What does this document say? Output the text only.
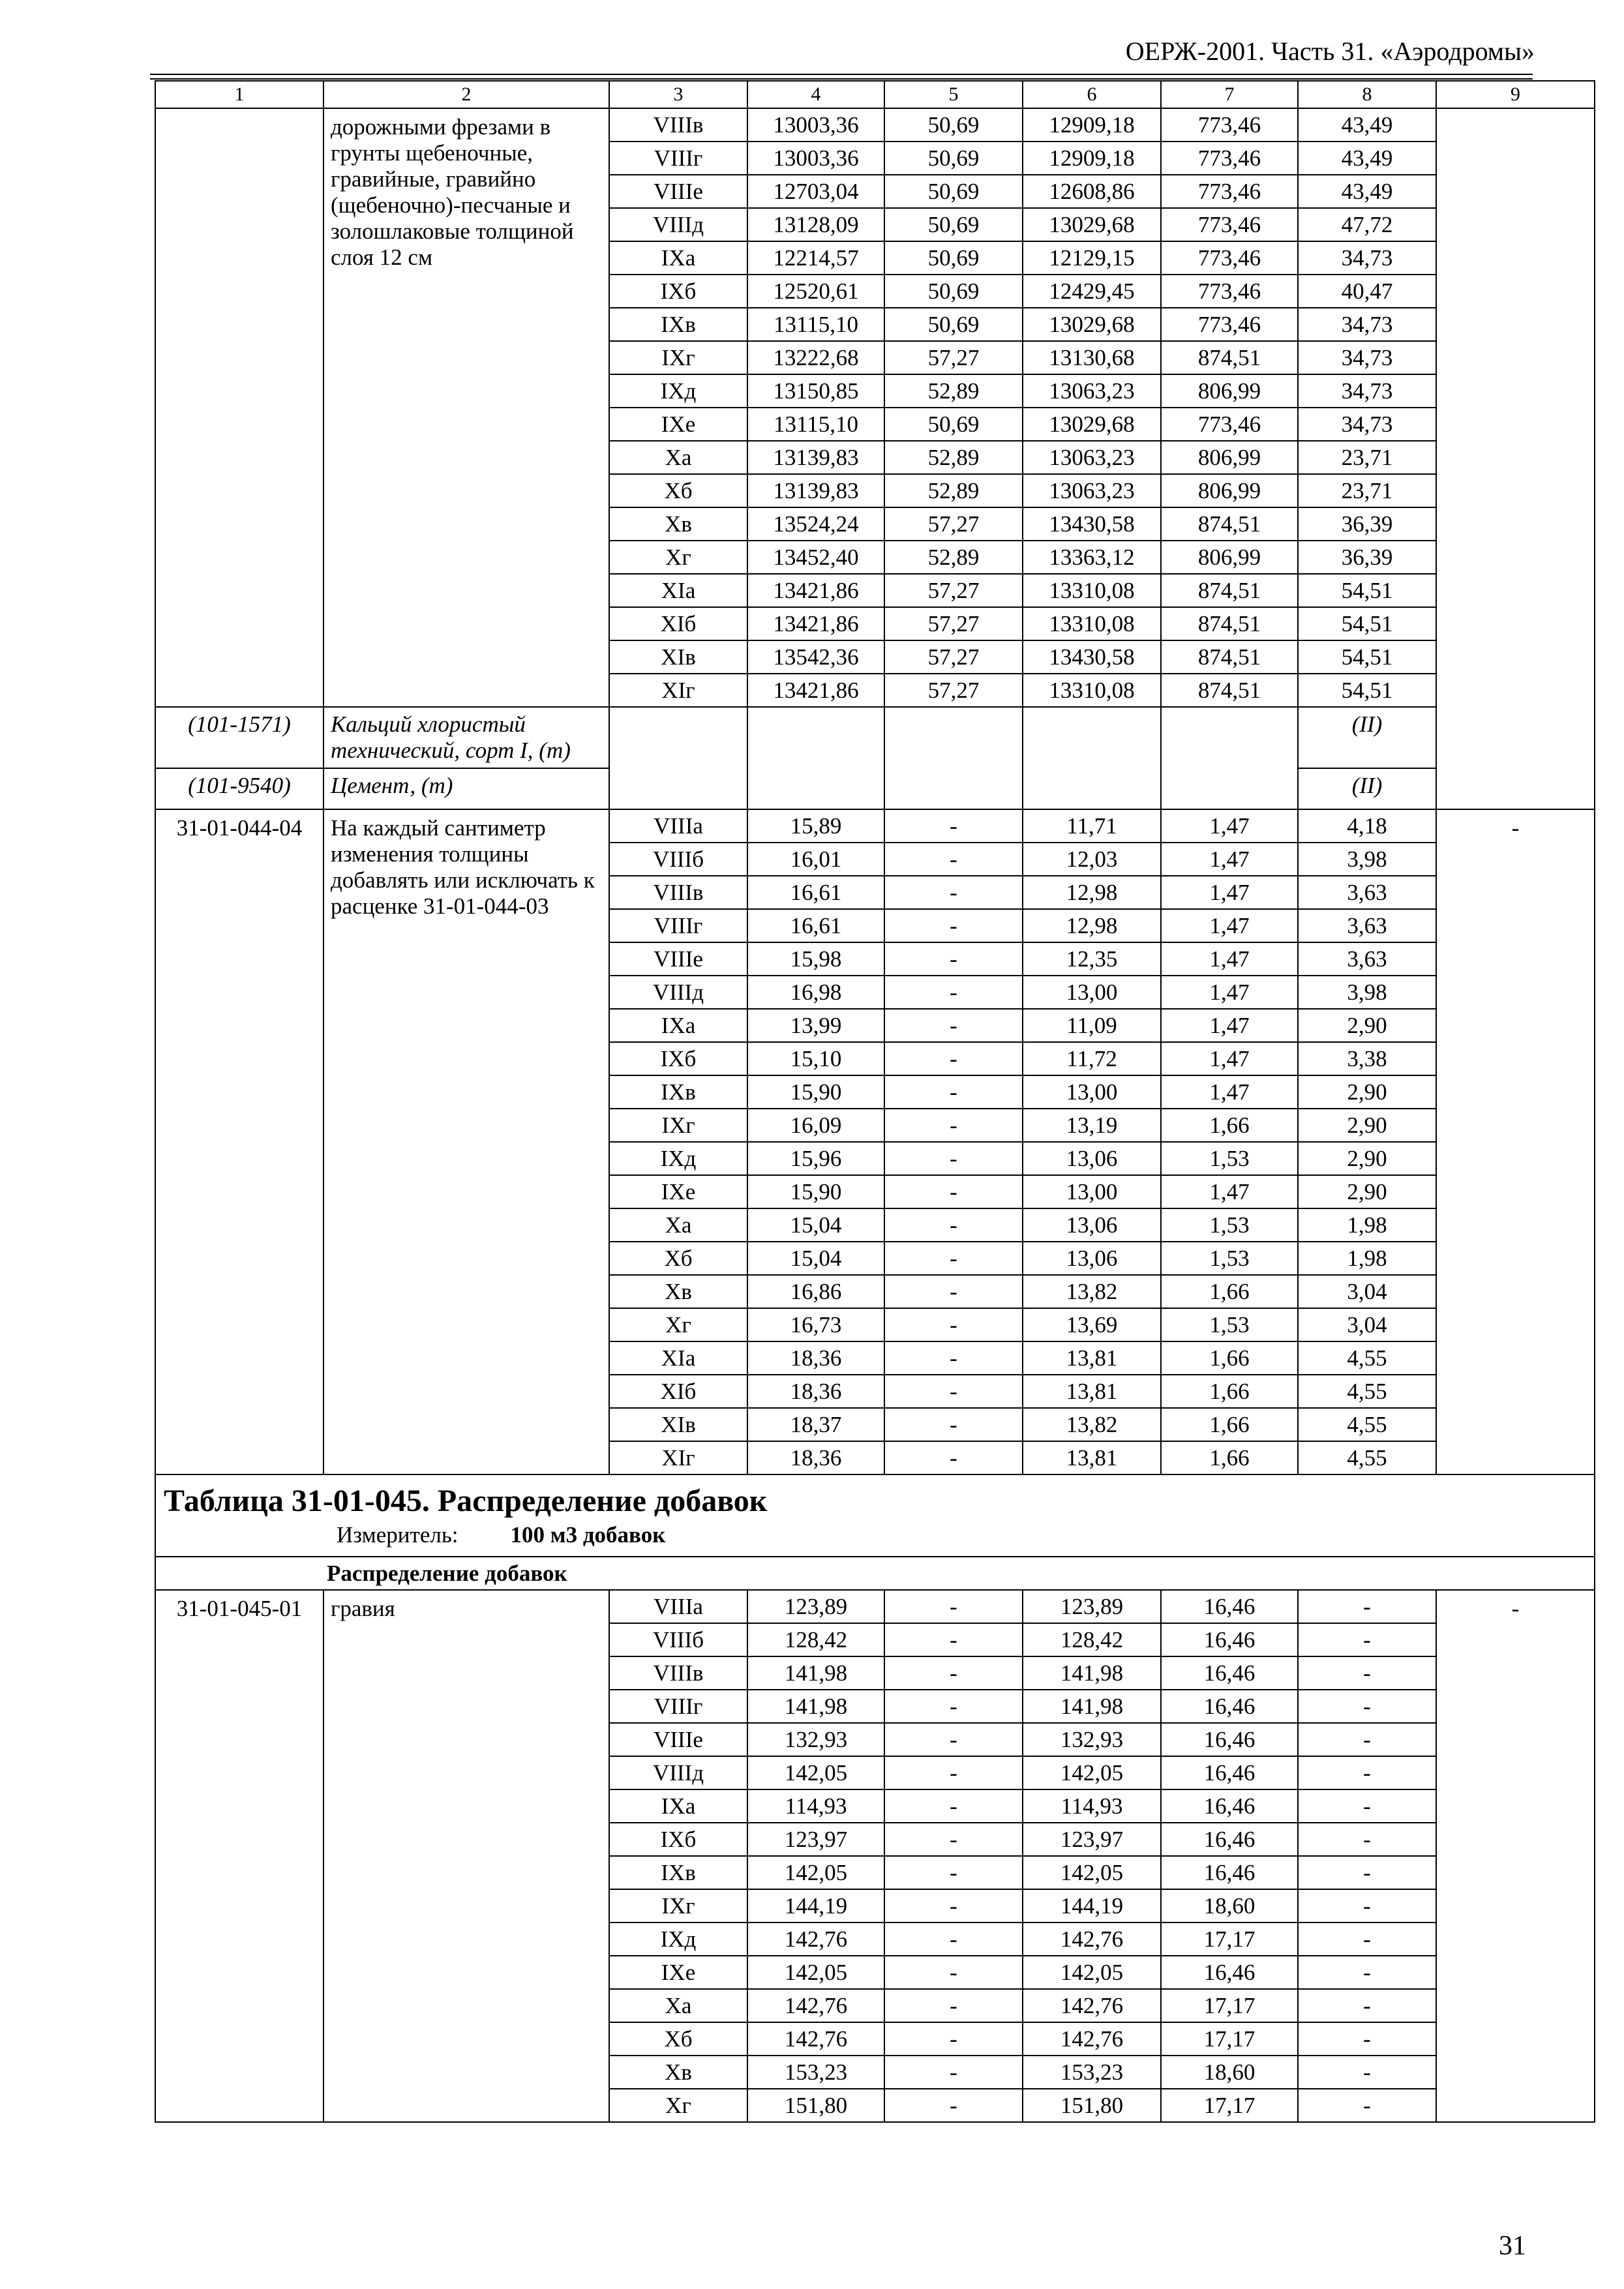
ОЕРЖ-2001. Часть 31. «Аэродромы»
1	2	3	4	5	6	7	8	9
	дорожными фрезами в грунты щебеночные, гравийные, гравийно (щебеночно)-песчаные и золошлаковые толщиной слоя 12 см	VIIIв	13003,36	50,69	12909,18	773,46	43,49	
		VIIIг	13003,36	50,69	12909,18	773,46	43,49	
		VIIIе	12703,04	50,69	12608,86	773,46	43,49	
		VIIIд	13128,09	50,69	13029,68	773,46	47,72	
		IXа	12214,57	50,69	12129,15	773,46	34,73	
		IXб	12520,61	50,69	12429,45	773,46	40,47	
		IXв	13115,10	50,69	13029,68	773,46	34,73	
		IXг	13222,68	57,27	13130,68	874,51	34,73	
		IXд	13150,85	52,89	13063,23	806,99	34,73	
		IXе	13115,10	50,69	13029,68	773,46	34,73	
		Xа	13139,83	52,89	13063,23	806,99	23,71	
		Xб	13139,83	52,89	13063,23	806,99	23,71	
		Xв	13524,24	57,27	13430,58	874,51	36,39	
		Xг	13452,40	52,89	13363,12	806,99	36,39	
		XIа	13421,86	57,27	13310,08	874,51	54,51	
		XIб	13421,86	57,27	13310,08	874,51	54,51	
		XIв	13542,36	57,27	13430,58	874,51	54,51	
		XIг	13421,86	57,27	13310,08	874,51	54,51	
(101-1571)	Кальций хлористый технический, сорт I, (т)						(II)	
(101-9540)	Цемент, (т)						(II)	
31-01-044-04	На каждый сантиметр изменения толщины добавлять или исключать к расценке 31-01-044-03	VIIIа	15,89	-	11,71	1,47	4,18	-
		VIIIб	16,01	-	12,03	1,47	3,98	
		VIIIв	16,61	-	12,98	1,47	3,63	
		VIIIг	16,61	-	12,98	1,47	3,63	
		VIIIе	15,98	-	12,35	1,47	3,63	
		VIIIд	16,98	-	13,00	1,47	3,98	
		IXа	13,99	-	11,09	1,47	2,90	
		IXб	15,10	-	11,72	1,47	3,38	
		IXв	15,90	-	13,00	1,47	2,90	
		IXг	16,09	-	13,19	1,66	2,90	
		IXд	15,96	-	13,06	1,53	2,90	
		IXе	15,90	-	13,00	1,47	2,90	
		Xа	15,04	-	13,06	1,53	1,98	
		Xб	15,04	-	13,06	1,53	1,98	
		Xв	16,86	-	13,82	1,66	3,04	
		Xг	16,73	-	13,69	1,53	3,04	
		XIа	18,36	-	13,81	1,66	4,55	
		XIб	18,36	-	13,81	1,66	4,55	
		XIв	18,37	-	13,82	1,66	4,55	
		XIг	18,36	-	13,81	1,66	4,55	

Таблица 31-01-045. Распределение добавок
Измеритель: 100 м3 добавок								

Распределение добавок								
31-01-045-01	гравия	VIIIа	123,89	-	123,89	16,46	-	-
		VIIIб	128,42	-	128,42	16,46	-	
		VIIIв	141,98	-	141,98	16,46	-	
		VIIIг	141,98	-	141,98	16,46	-	
		VIIIе	132,93	-	132,93	16,46	-	
		VIIIд	142,05	-	142,05	16,46	-	
		IXа	114,93	-	114,93	16,46	-	
		IXб	123,97	-	123,97	16,46	-	
		IXв	142,05	-	142,05	16,46	-	
		IXг	144,19	-	144,19	18,60	-	
		IXд	142,76	-	142,76	17,17	-	
		IXе	142,05	-	142,05	16,46	-	
		Xа	142,76	-	142,76	17,17	-	
		Xб	142,76	-	142,76	17,17	-	
		Xв	153,23	-	153,23	18,60	-	
		Xг	151,80	-	151,80	17,17	-	
31
